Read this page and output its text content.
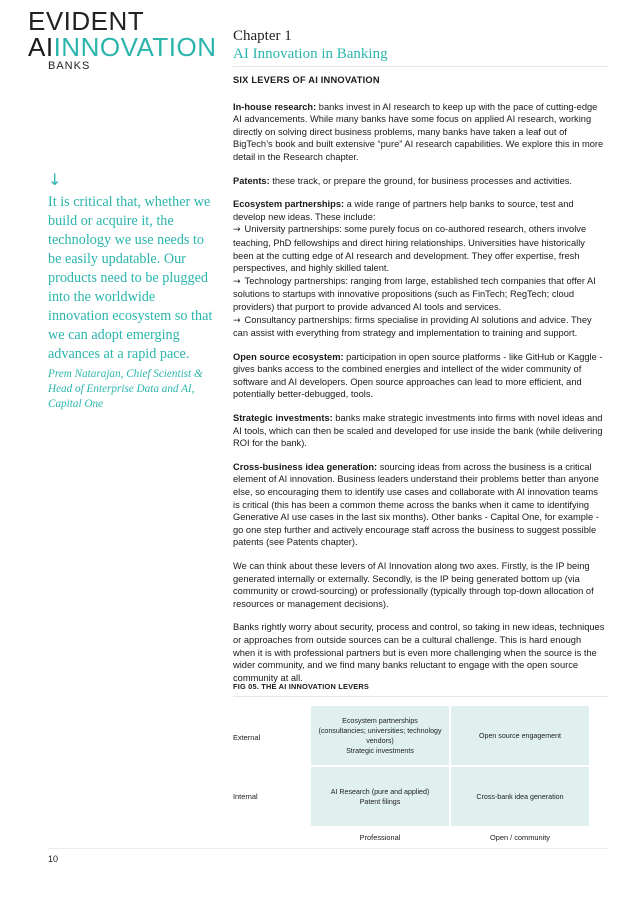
EVIDENT
AIINNOVATION
BANKS
Chapter 1
AI Innovation in Banking
↓
It is critical that, whether we build or acquire it, the technology we use needs to be easily updatable. Our products need to be plugged into the worldwide innovation ecosystem so that we can adopt emerging advances at a rapid pace.
Prem Natarajan, Chief Scientist & Head of Enterprise Data and AI, Capital One
SIX LEVERS OF AI INNOVATION

In-house research: banks invest in AI research to keep up with the pace of cutting-edge AI advancements. While many banks have some focus on applied AI research, working directly on solving direct business problems, many banks have taken a leaf out of BigTech’s book and built extensive “pure” AI research capabilities. We explore this in more detail in the Research chapter.

Patents: these track, or prepare the ground, for business processes and activities.

Ecosystem partnerships: a wide range of partners help banks to source, test and develop new ideas. These include:

→ University partnerships: some purely focus on co-authored research, others involve teaching, PhD fellowships and direct hiring relationships. Universities have historically been at the cutting edge of AI research and development. They offer expertise, fresh perspectives, and highly skilled talent.

→ Technology partnerships: ranging from large, established tech companies that offer AI solutions to startups with innovative propositions (such as FinTech; RegTech; cloud providers) that purport to provide advanced AI tools and services.

→ Consultancy partnerships: firms specialise in providing AI solutions and advice. They can assist with everything from strategy and implementation to training and support.

Open source ecosystem: participation in open source platforms - like GitHub or Kaggle - gives banks access to the combined energies and intellect of the wider community of software and AI developers. Open source approaches can lead to more efficient, and potentially better-debugged, tools.

Strategic investments: banks make strategic investments into firms with novel ideas and AI tools, which can then be scaled and developed for use inside the bank (while delivering ROI for the bank).

Cross-business idea generation: sourcing ideas from across the business is a critical element of AI innovation. Business leaders understand their problems better than anyone else, so encouraging them to identify use cases and collaborate with AI innovation teams is critical (this has been a common theme across the banks when it came to identifying Generative AI use cases in the last six months). Other banks - Capital One, for example - go one step further and actively encourage staff across the business to suggest possible patents (see Patents chapter).

We can think about these levers of AI Innovation along two axes. Firstly, is the IP being generated internally or externally. Secondly, is the IP being generated bottom up (via community or crowd-sourcing) or professionally (typically through top-down allocation of resources or management decisions).

Banks rightly worry about security, process and control, so taking in new ideas, techniques or approaches from outside sources can be a cultural challenge. This is hard enough when it is with professional partners but is even more challenging when the source is the wider community, and we find many banks reluctant to engage with the open source community at all.

FIG 05. THE AI INNOVATION LEVERS
External
Internal
Ecosystem partnerships
(consultancies; universities; technology vendors)
Strategic investments
Open source engagement
AI Research (pure and applied)
Patent filings
Cross-bank idea generation
Professional	Open / community
10
